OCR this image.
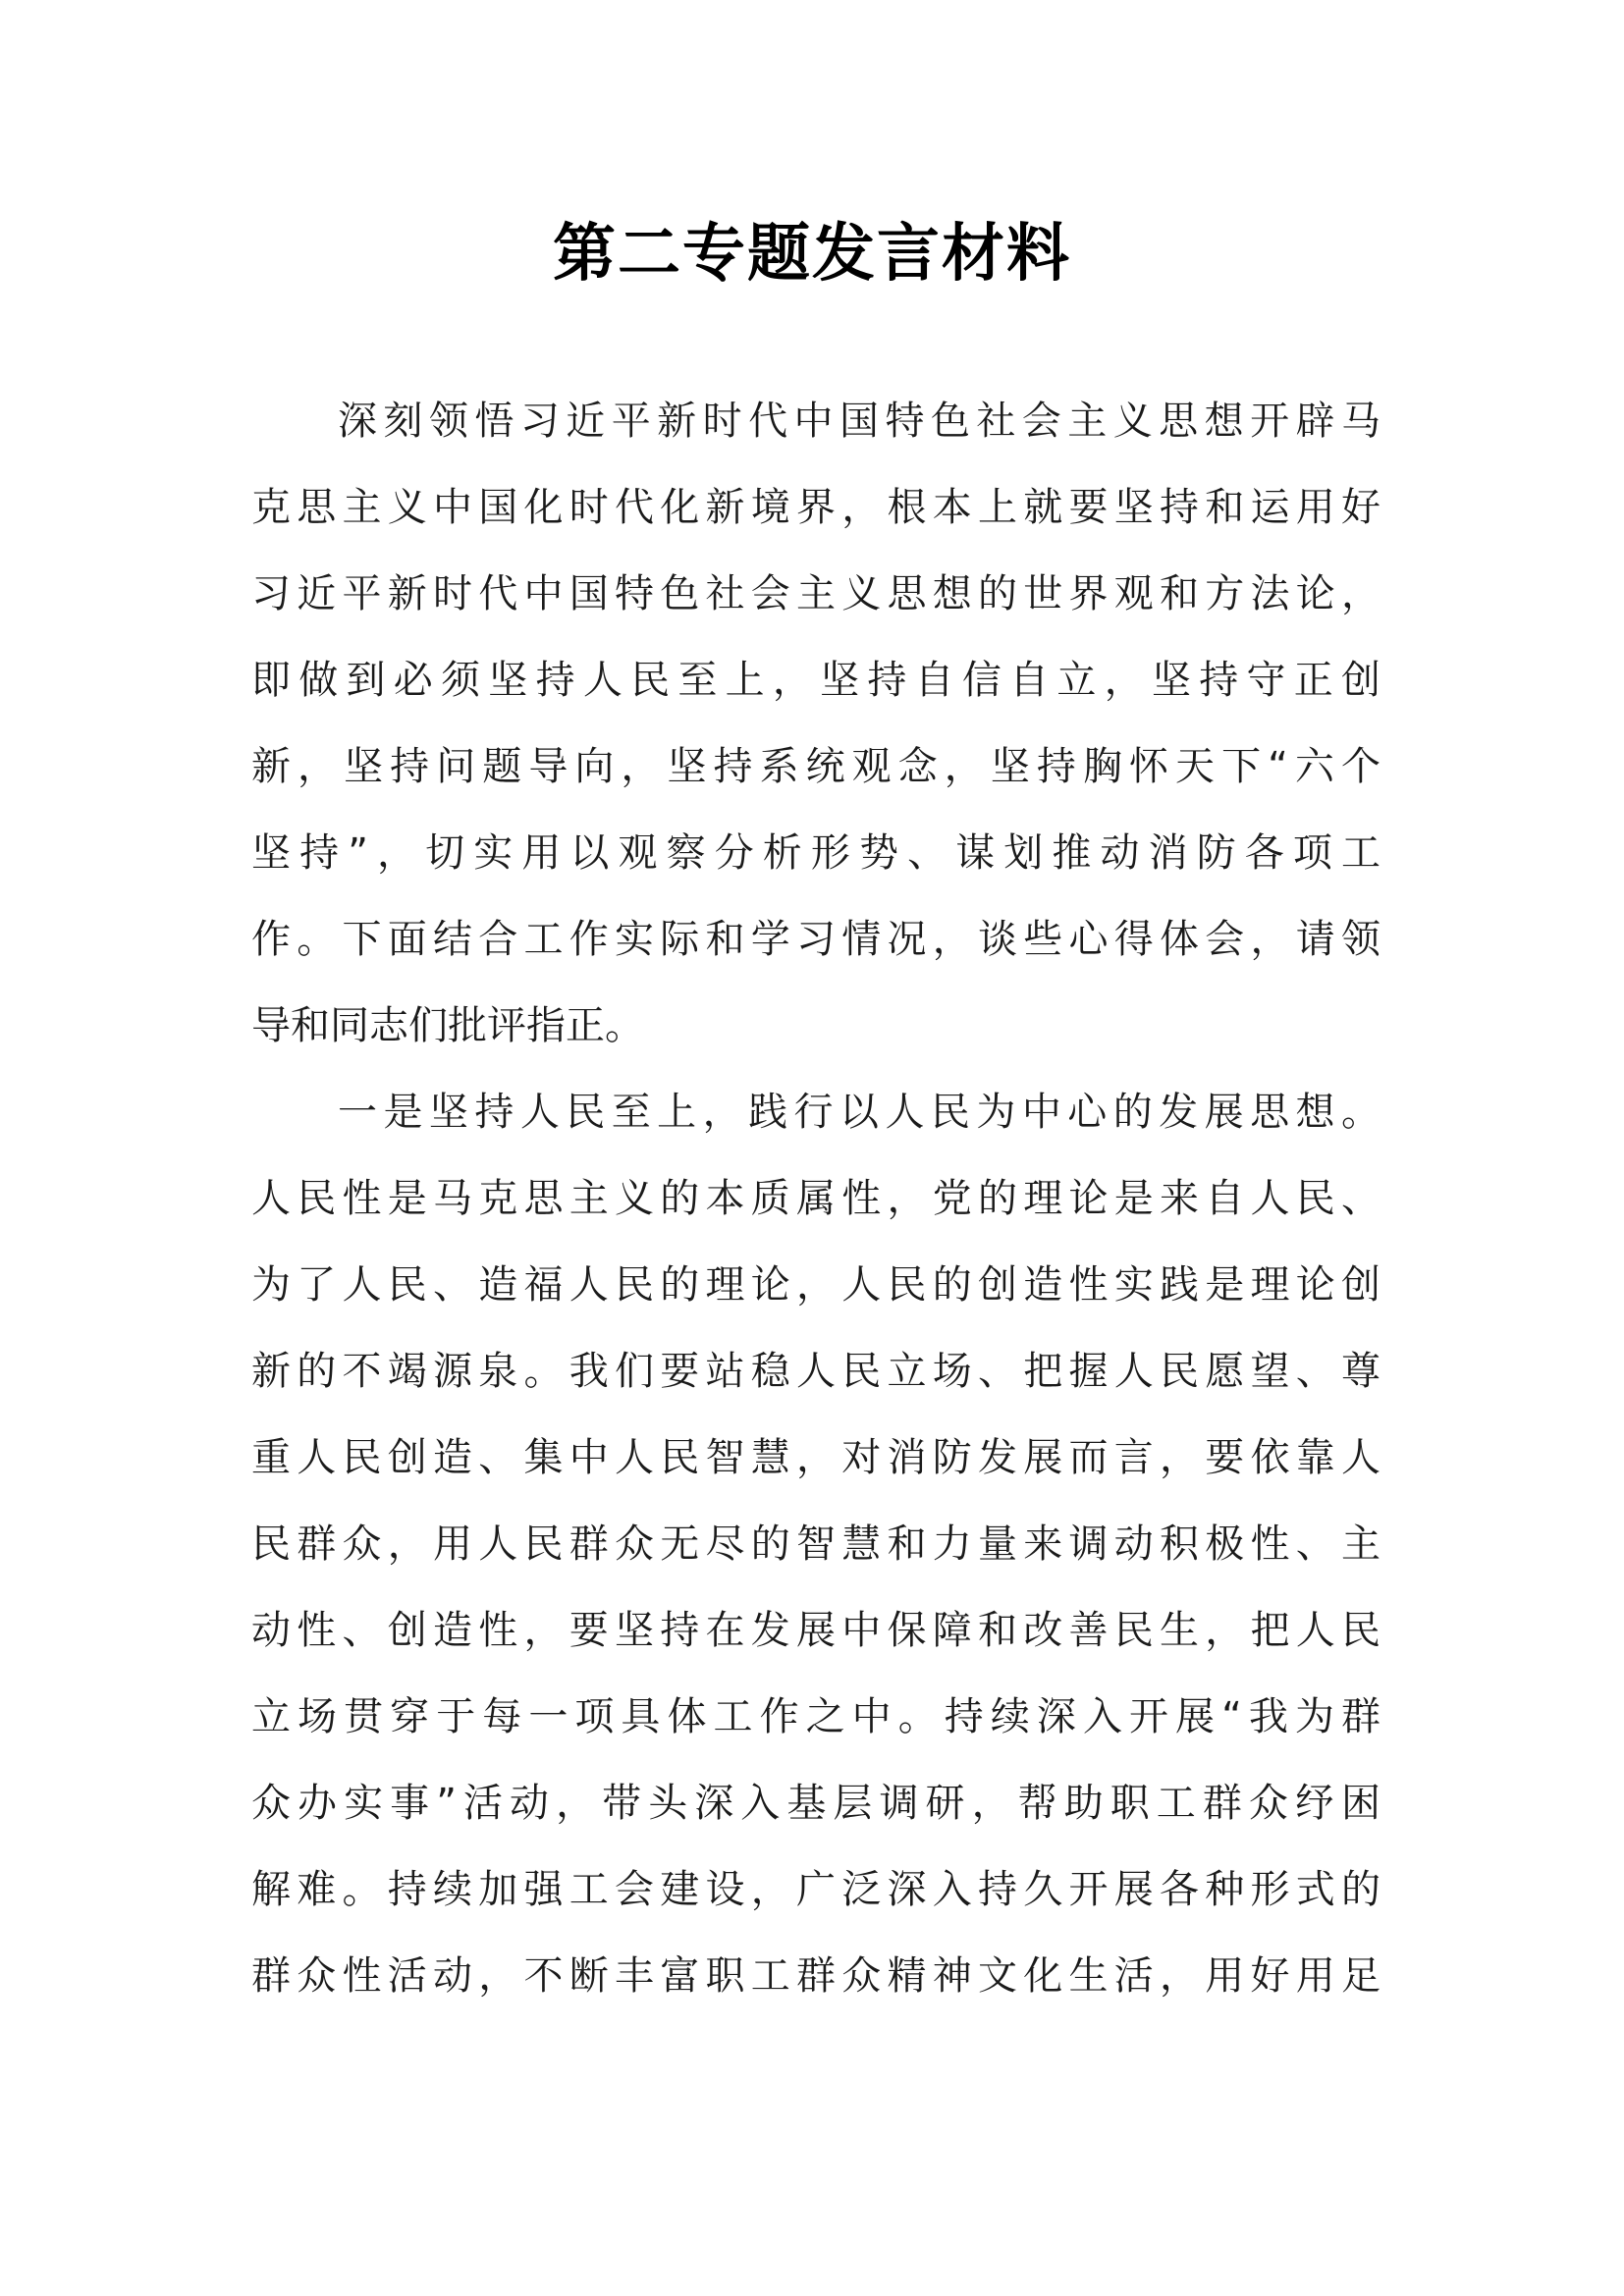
第二专题发言材料
深刻领悟习近平新时代中国特色社会主义思想开辟马
克思主义中国化时代化新境界，根本上就要坚持和运用好
习近平新时代中国特色社会主义思想的世界观和方法论，
即做到必须坚持人民至上，坚持自信自立，坚持守正创
新，坚持问题导向，坚持系统观念，坚持胸怀天下“六个
坚持”，切实用以观察分析形势、谋划推动消防各项工
作。下面结合工作实际和学习情况，谈些心得体会，请领
导和同志们批评指正。
一是坚持人民至上，践行以人民为中心的发展思想。
人民性是马克思主义的本质属性，党的理论是来自人民、
为了人民、造福人民的理论，人民的创造性实践是理论创
新的不竭源泉。我们要站稳人民立场、把握人民愿望、尊
重人民创造、集中人民智慧，对消防发展而言，要依靠人
民群众，用人民群众无尽的智慧和力量来调动积极性、主
动性、创造性，要坚持在发展中保障和改善民生，把人民
立场贯穿于每一项具体工作之中。持续深入开展“我为群
众办实事”活动，带头深入基层调研，帮助职工群众纾困
解难。持续加强工会建设，广泛深入持久开展各种形式的
群众性活动，不断丰富职工群众精神文化生活，用好用足
